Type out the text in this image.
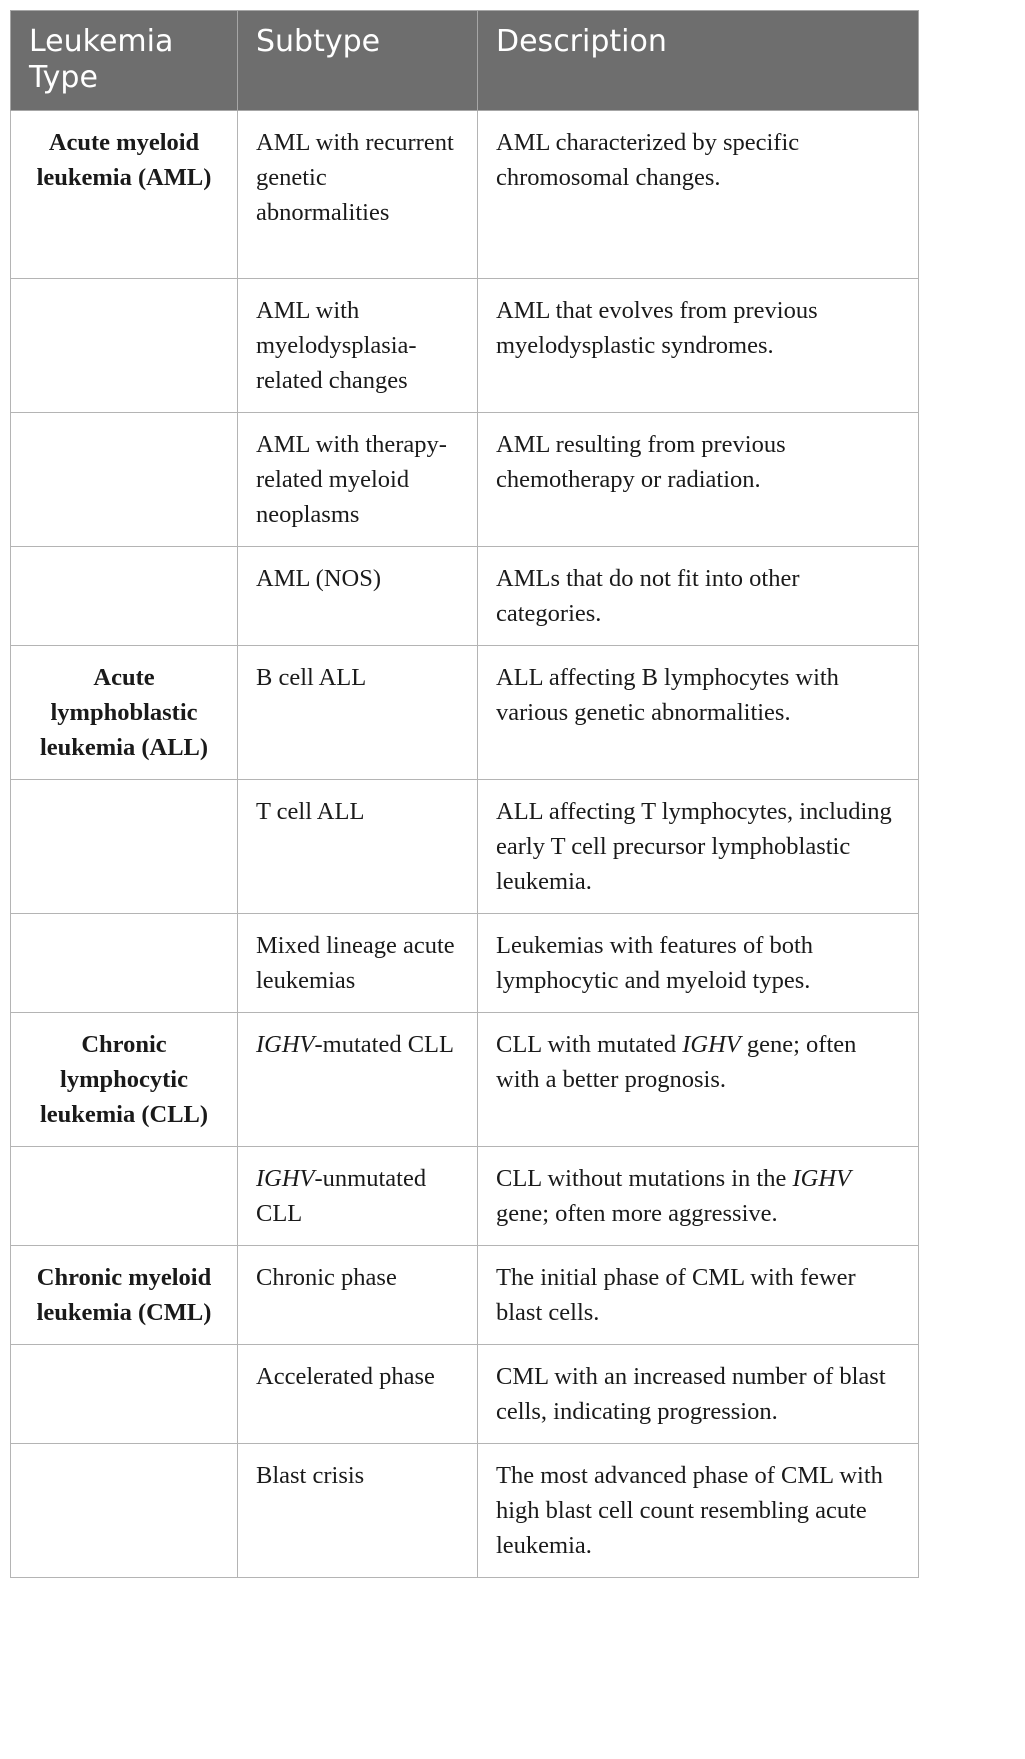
Leukemia Type	Subtype	Description
Acute myeloid leukemia (AML)	AML with recurrent genetic abnormalities	AML characterized by specific chromosomal changes.
	AML with myelodysplasia-related changes	AML that evolves from previous myelodysplastic syndromes.
	AML with therapy-related myeloid neoplasms	AML resulting from previous chemotherapy or radiation.
	AML (NOS)	AMLs that do not fit into other categories.
Acute lymphoblastic leukemia (ALL)	B cell ALL	ALL affecting B lymphocytes with various genetic abnormalities.
	T cell ALL	ALL affecting T lymphocytes, including early T cell precursor lymphoblastic leukemia.
	Mixed lineage acute leukemias	Leukemias with features of both lymphocytic and myeloid types.
Chronic lymphocytic leukemia (CLL)	IGHV-mutated CLL	CLL with mutated IGHV gene; often with a better prognosis.
	IGHV-unmutated CLL	CLL without mutations in the IGHV gene; often more aggressive.
Chronic myeloid leukemia (CML)	Chronic phase	The initial phase of CML with fewer blast cells.
	Accelerated phase	CML with an increased number of blast cells, indicating progression.
	Blast crisis	The most advanced phase of CML with high blast cell count resembling acute leukemia.
